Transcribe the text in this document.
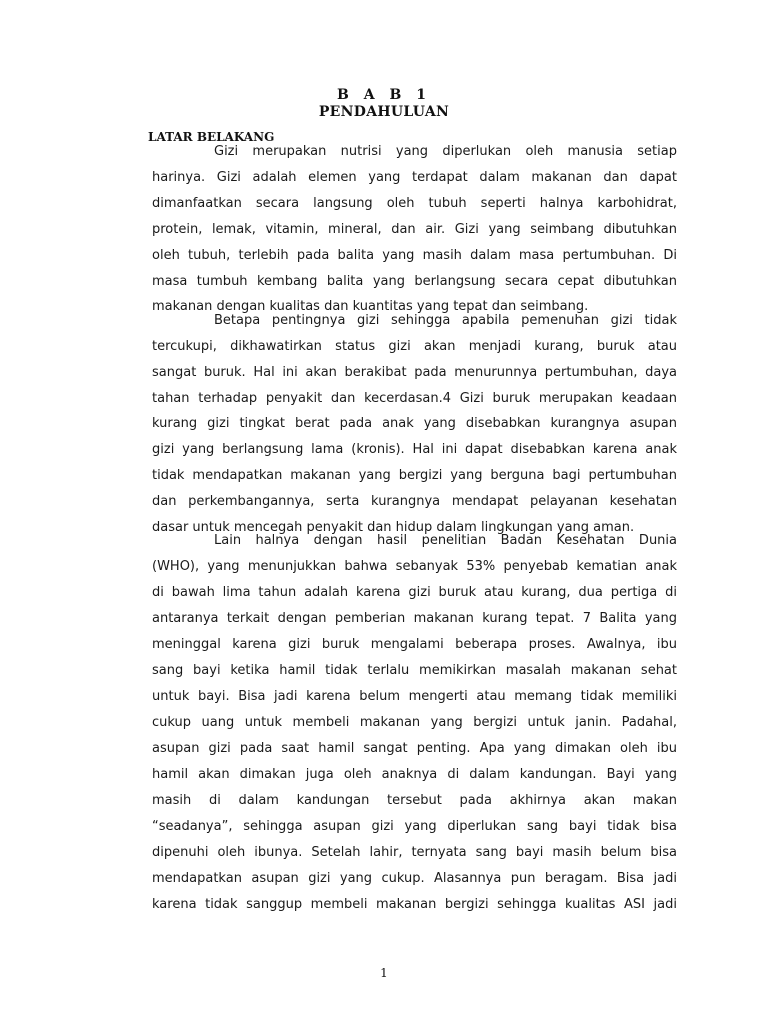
B A B 1
PENDAHULUAN
LATAR BELAKANG
Gizi merupakan nutrisi yang diperlukan oleh manusia setiap
harinya. Gizi adalah elemen yang terdapat dalam makanan dan dapat
dimanfaatkan secara langsung oleh tubuh seperti halnya karbohidrat,
protein, lemak, vitamin, mineral, dan air. Gizi yang seimbang dibutuhkan
oleh tubuh, terlebih pada balita yang masih dalam masa pertumbuhan. Di
masa tumbuh kembang balita yang berlangsung secara cepat dibutuhkan
makanan dengan kualitas dan kuantitas yang tepat dan seimbang.
Betapa pentingnya gizi sehingga apabila pemenuhan gizi tidak
tercukupi, dikhawatirkan status gizi akan menjadi kurang, buruk atau
sangat buruk. Hal ini akan berakibat pada menurunnya pertumbuhan, daya
tahan terhadap penyakit dan kecerdasan.4 Gizi buruk merupakan keadaan
kurang gizi tingkat berat pada anak yang disebabkan kurangnya asupan
gizi yang berlangsung lama (kronis). Hal ini dapat disebabkan karena anak
tidak mendapatkan makanan yang bergizi yang berguna bagi pertumbuhan
dan perkembangannya, serta kurangnya mendapat pelayanan kesehatan
dasar untuk mencegah penyakit dan hidup dalam lingkungan yang aman.
Lain halnya dengan hasil penelitian Badan Kesehatan Dunia
(WHO), yang menunjukkan bahwa sebanyak 53% penyebab kematian anak
di bawah lima tahun adalah karena gizi buruk atau kurang, dua pertiga di
antaranya terkait dengan pemberian makanan kurang tepat. 7 Balita yang
meninggal karena gizi buruk mengalami beberapa proses. Awalnya, ibu
sang bayi ketika hamil tidak terlalu memikirkan masalah makanan sehat
untuk bayi. Bisa jadi karena belum mengerti atau memang tidak memiliki
cukup uang untuk membeli makanan yang bergizi untuk janin. Padahal,
asupan gizi pada saat hamil sangat penting. Apa yang dimakan oleh ibu
hamil akan dimakan juga oleh anaknya di dalam kandungan. Bayi yang
masih di dalam kandungan tersebut pada akhirnya akan makan
“seadanya”, sehingga asupan gizi yang diperlukan sang bayi tidak bisa
dipenuhi oleh ibunya. Setelah lahir, ternyata sang bayi masih belum bisa
mendapatkan asupan gizi yang cukup. Alasannya pun beragam. Bisa jadi
karena tidak sanggup membeli makanan bergizi sehingga kualitas ASI jadi
1
